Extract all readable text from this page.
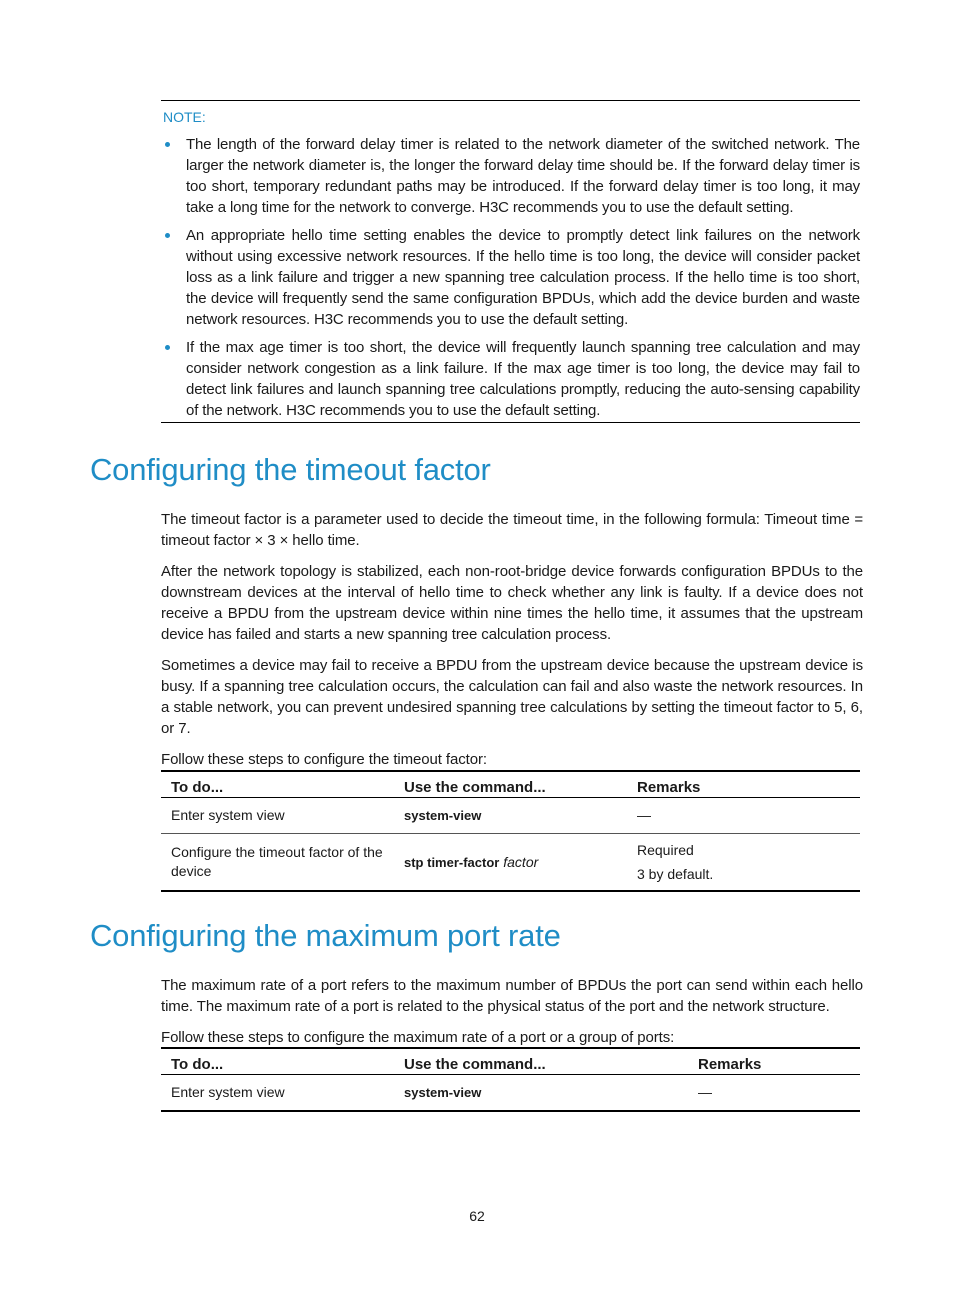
NOTE:
The length of the forward delay timer is related to the network diameter of the switched network. The larger the network diameter is, the longer the forward delay time should be. If the forward delay timer is too short, temporary redundant paths may be introduced. If the forward delay timer is too long, it may take a long time for the network to converge. H3C recommends you to use the default setting.
An appropriate hello time setting enables the device to promptly detect link failures on the network without using excessive network resources. If the hello time is too long, the device will consider packet loss as a link failure and trigger a new spanning tree calculation process. If the hello time is too short, the device will frequently send the same configuration BPDUs, which add the device burden and waste network resources. H3C recommends you to use the default setting.
If the max age timer is too short, the device will frequently launch spanning tree calculation and may consider network congestion as a link failure. If the max age timer is too long, the device may fail to detect link failures and launch spanning tree calculations promptly, reducing the auto-sensing capability of the network. H3C recommends you to use the default setting.
Configuring the timeout factor

The timeout factor is a parameter used to decide the timeout time, in the following formula: Timeout time = timeout factor × 3 × hello time.

After the network topology is stabilized, each non-root-bridge device forwards configuration BPDUs to the downstream devices at the interval of hello time to check whether any link is faulty. If a device does not receive a BPDU from the upstream device within nine times the hello time, it assumes that the upstream device has failed and starts a new spanning tree calculation process.

Sometimes a device may fail to receive a BPDU from the upstream device because the upstream device is busy. If a spanning tree calculation occurs, the calculation can fail and also waste the network resources. In a stable network, you can prevent undesired spanning tree calculations by setting the timeout factor to 5, 6, or 7.

Follow these steps to configure the timeout factor:

To do...	Use the command...	Remarks
Enter system view	system-view	—
Configure the timeout factor of the device	stp timer-factor factor	Required
3 by default.
Configuring the maximum port rate

The maximum rate of a port refers to the maximum number of BPDUs the port can send within each hello time. The maximum rate of a port is related to the physical status of the port and the network structure.

Follow these steps to configure the maximum rate of a port or a group of ports:

To do...	Use the command...	Remarks
Enter system view	system-view	—
62
